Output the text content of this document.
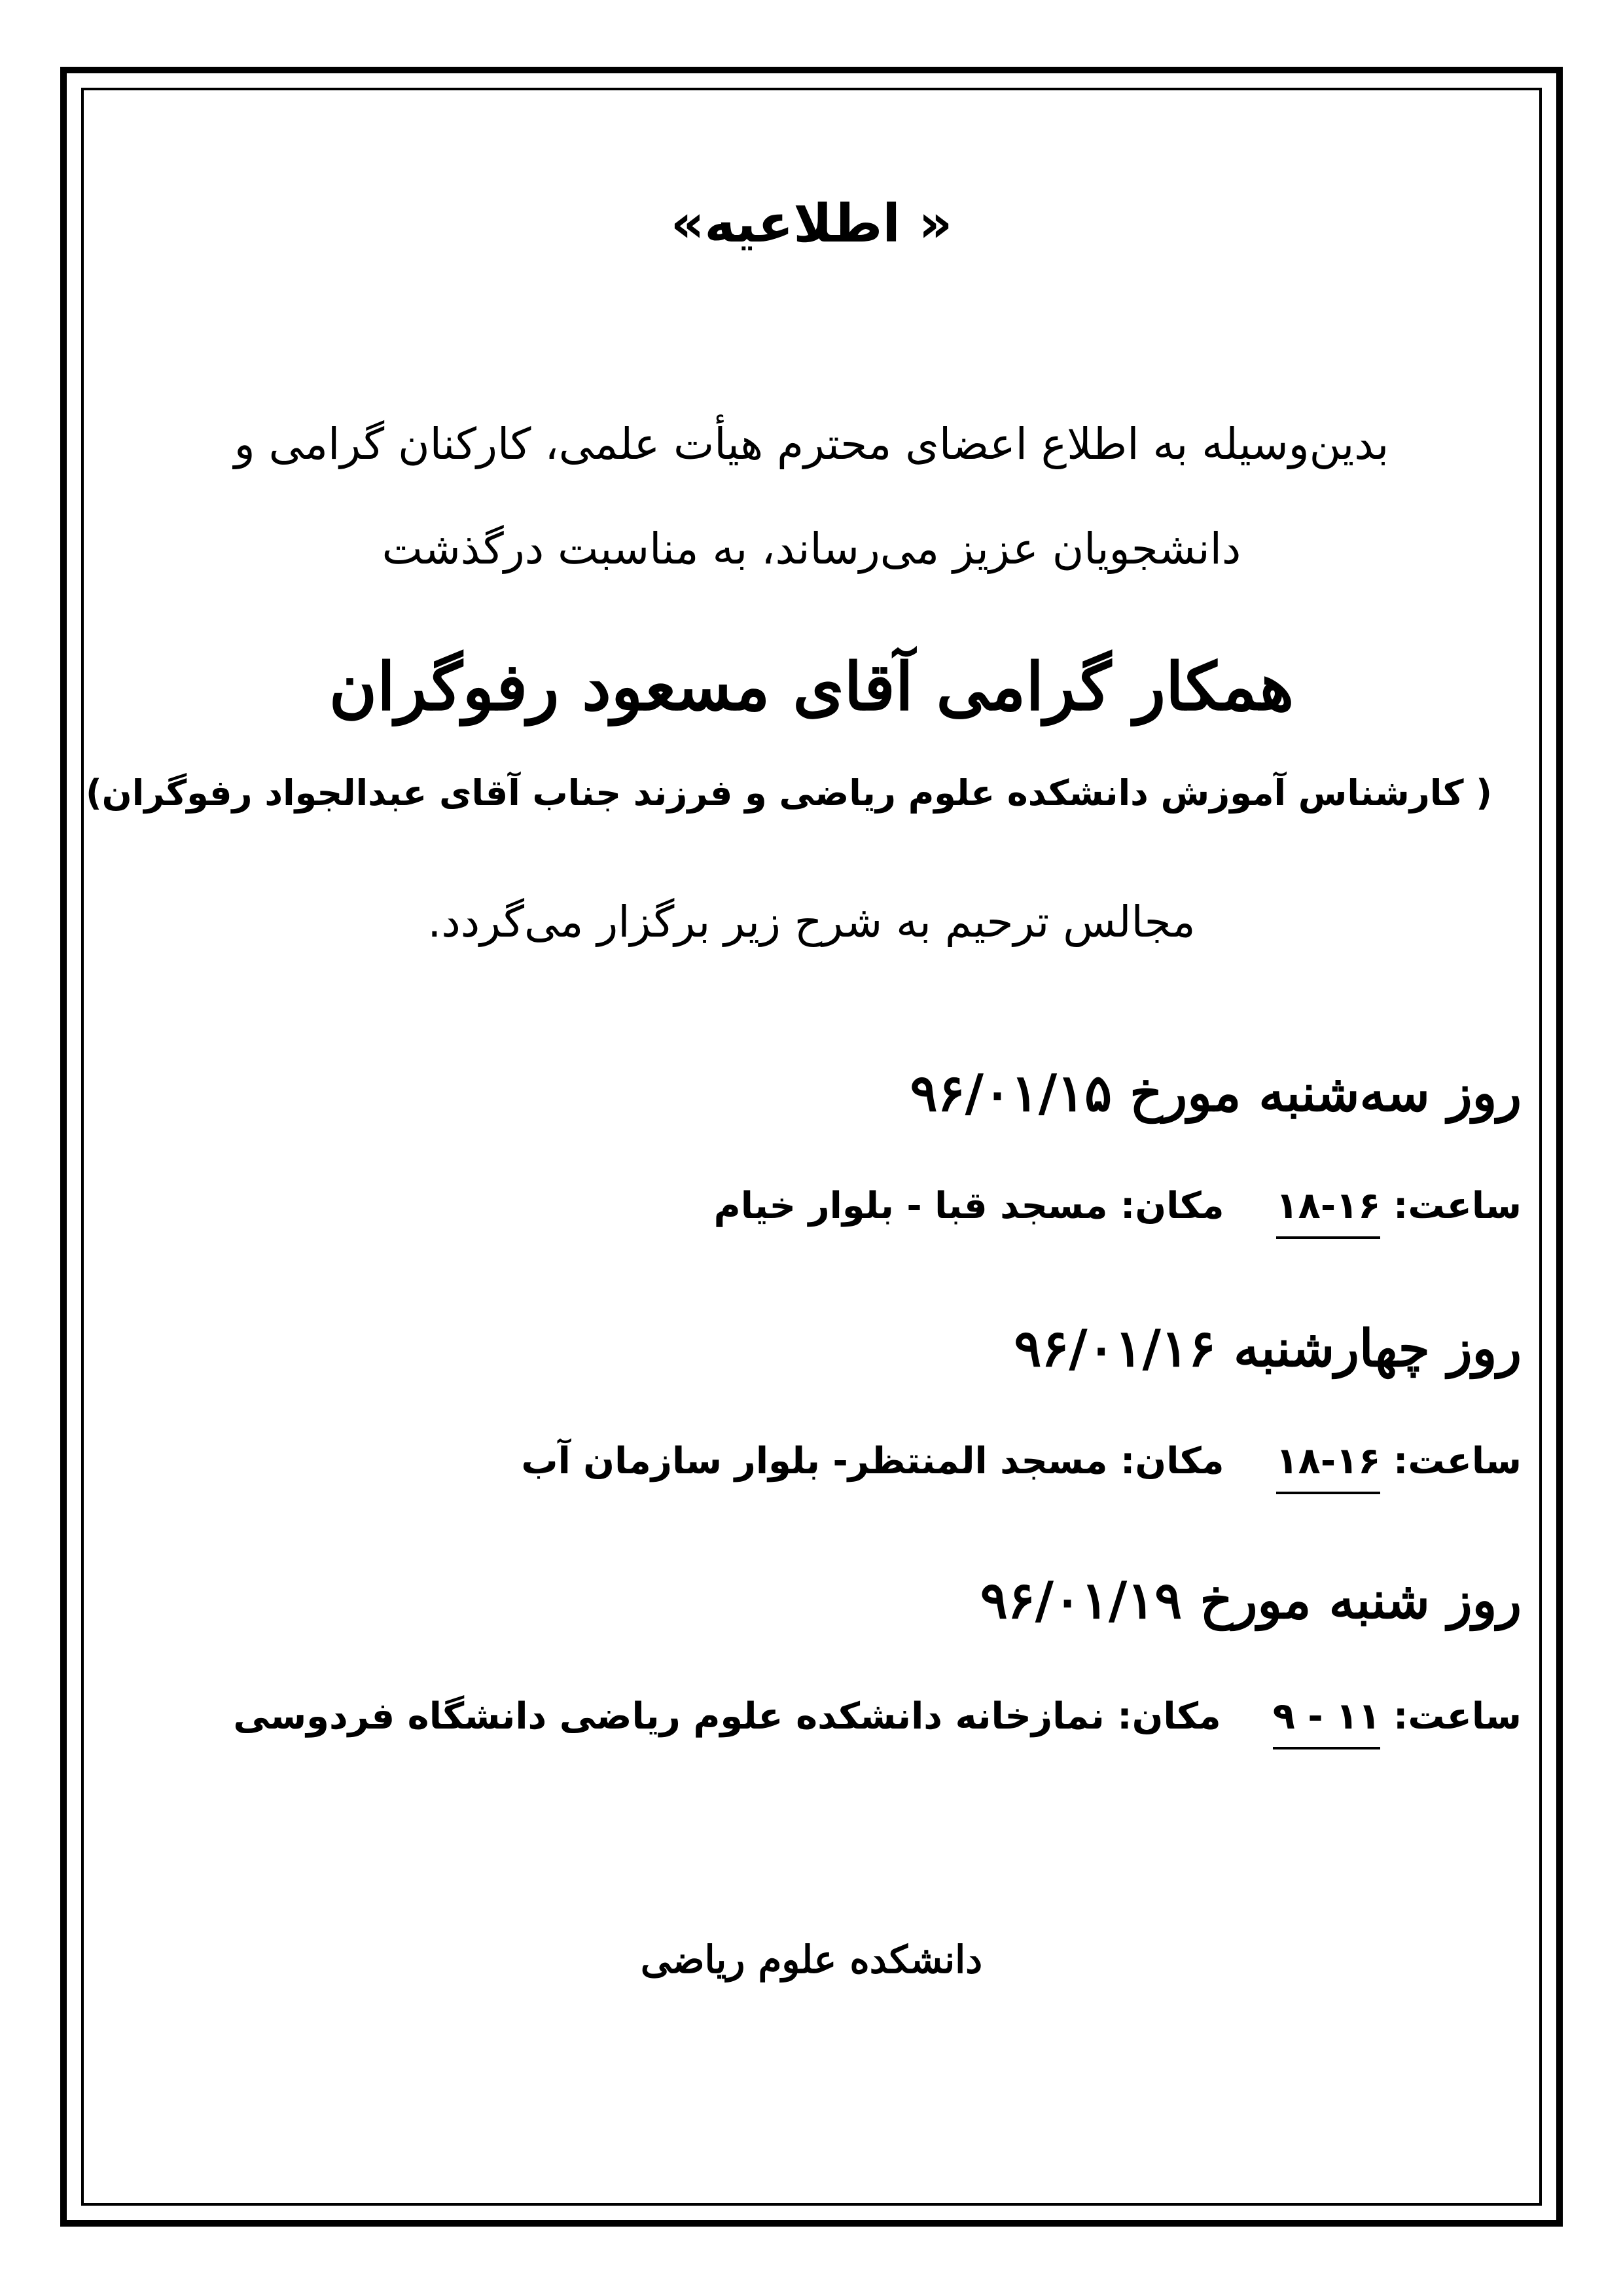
« اطلاعیه»
بدین‌وسیله به اطلاع اعضای محترم هیأت علمی، کارکنان گرامی و
دانشجویان عزیز می‌رساند، به مناسبت درگذشت
همکار گرامی آقای مسعود رفوگران
( کارشناس آموزش دانشکده علوم ریاضی و فرزند جناب آقای عبدالجواد رفوگران)
مجالس ترحیم به شرح زیر برگزار می‌گردد.
روز سه‌شنبه مورخ ۹۶/۰۱/۱۵
ساعت: ۱۸-۱۶  مکان: مسجد قبا - بلوار خیام
روز چهارشنبه ۹۶/۰۱/۱۶
ساعت: ۱۸-۱۶  مکان: مسجد المنتظر- بلوار سازمان آب
روز شنبه مورخ ۹۶/۰۱/۱۹
ساعت: ۱۱ - ۹  مکان: نمازخانه دانشکده علوم ریاضی دانشگاه فردوسی
دانشکده علوم ریاضی
